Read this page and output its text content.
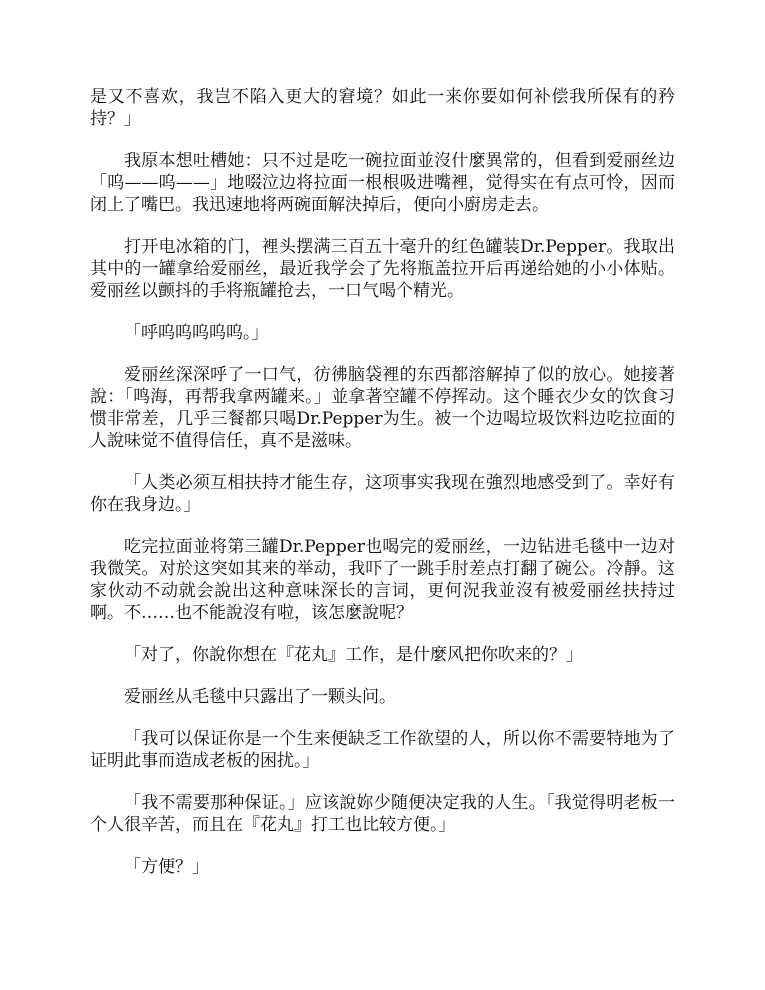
是又不喜欢，我岂不陷入更大的窘境？如此一来你要如何补偿我所保有的矜持？」

我原本想吐槽她：只不过是吃一碗拉面並沒什麼異常的，但看到爱丽丝边「呜——呜——」地啜泣边将拉面一根根吸进嘴裡，觉得实在有点可怜，因而闭上了嘴巴。我迅速地将两碗面解決掉后，便向小廚房走去。

打开电冰箱的门，裡头摆满三百五十毫升的红色罐装Dr.Pepper。我取出其中的一罐拿给爱丽丝，最近我学会了先将瓶盖拉开后再递给她的小小体贴。爱丽丝以颤抖的手将瓶罐抢去，一口气喝个精光。

「呼呜呜呜呜呜。」

爱丽丝深深呼了一口气，彷彿脑袋裡的东西都溶解掉了似的放心。她接著說：「鸣海，再帮我拿两罐来。」並拿著空罐不停挥动。这个睡衣少女的饮食习惯非常差，几乎三餐都只喝Dr.Pepper为生。被一个边喝垃圾饮料边吃拉面的人說味觉不值得信任，真不是滋味。

「人类必须互相扶持才能生存，这项事实我现在強烈地感受到了。幸好有你在我身边。」

吃完拉面並将第三罐Dr.Pepper也喝完的爱丽丝，一边钻进毛毯中一边对我微笑。对於这突如其来的举动，我吓了一跳手肘差点打翻了碗公。冷靜。这家伙动不动就会說出这种意味深长的言词，更何況我並沒有被爱丽丝扶持过啊。不……也不能說沒有啦，该怎麼說呢？

「对了，你說你想在『花丸』工作，是什麼风把你吹来的？」

爱丽丝从毛毯中只露出了一颗头问。

「我可以保证你是一个生来便缺乏工作欲望的人，所以你不需要特地为了证明此事而造成老板的困扰。」

「我不需要那种保证。」应该說妳少随便决定我的人生。「我觉得明老板一个人很辛苦，而且在『花丸』打工也比较方便。」

「方便？」
